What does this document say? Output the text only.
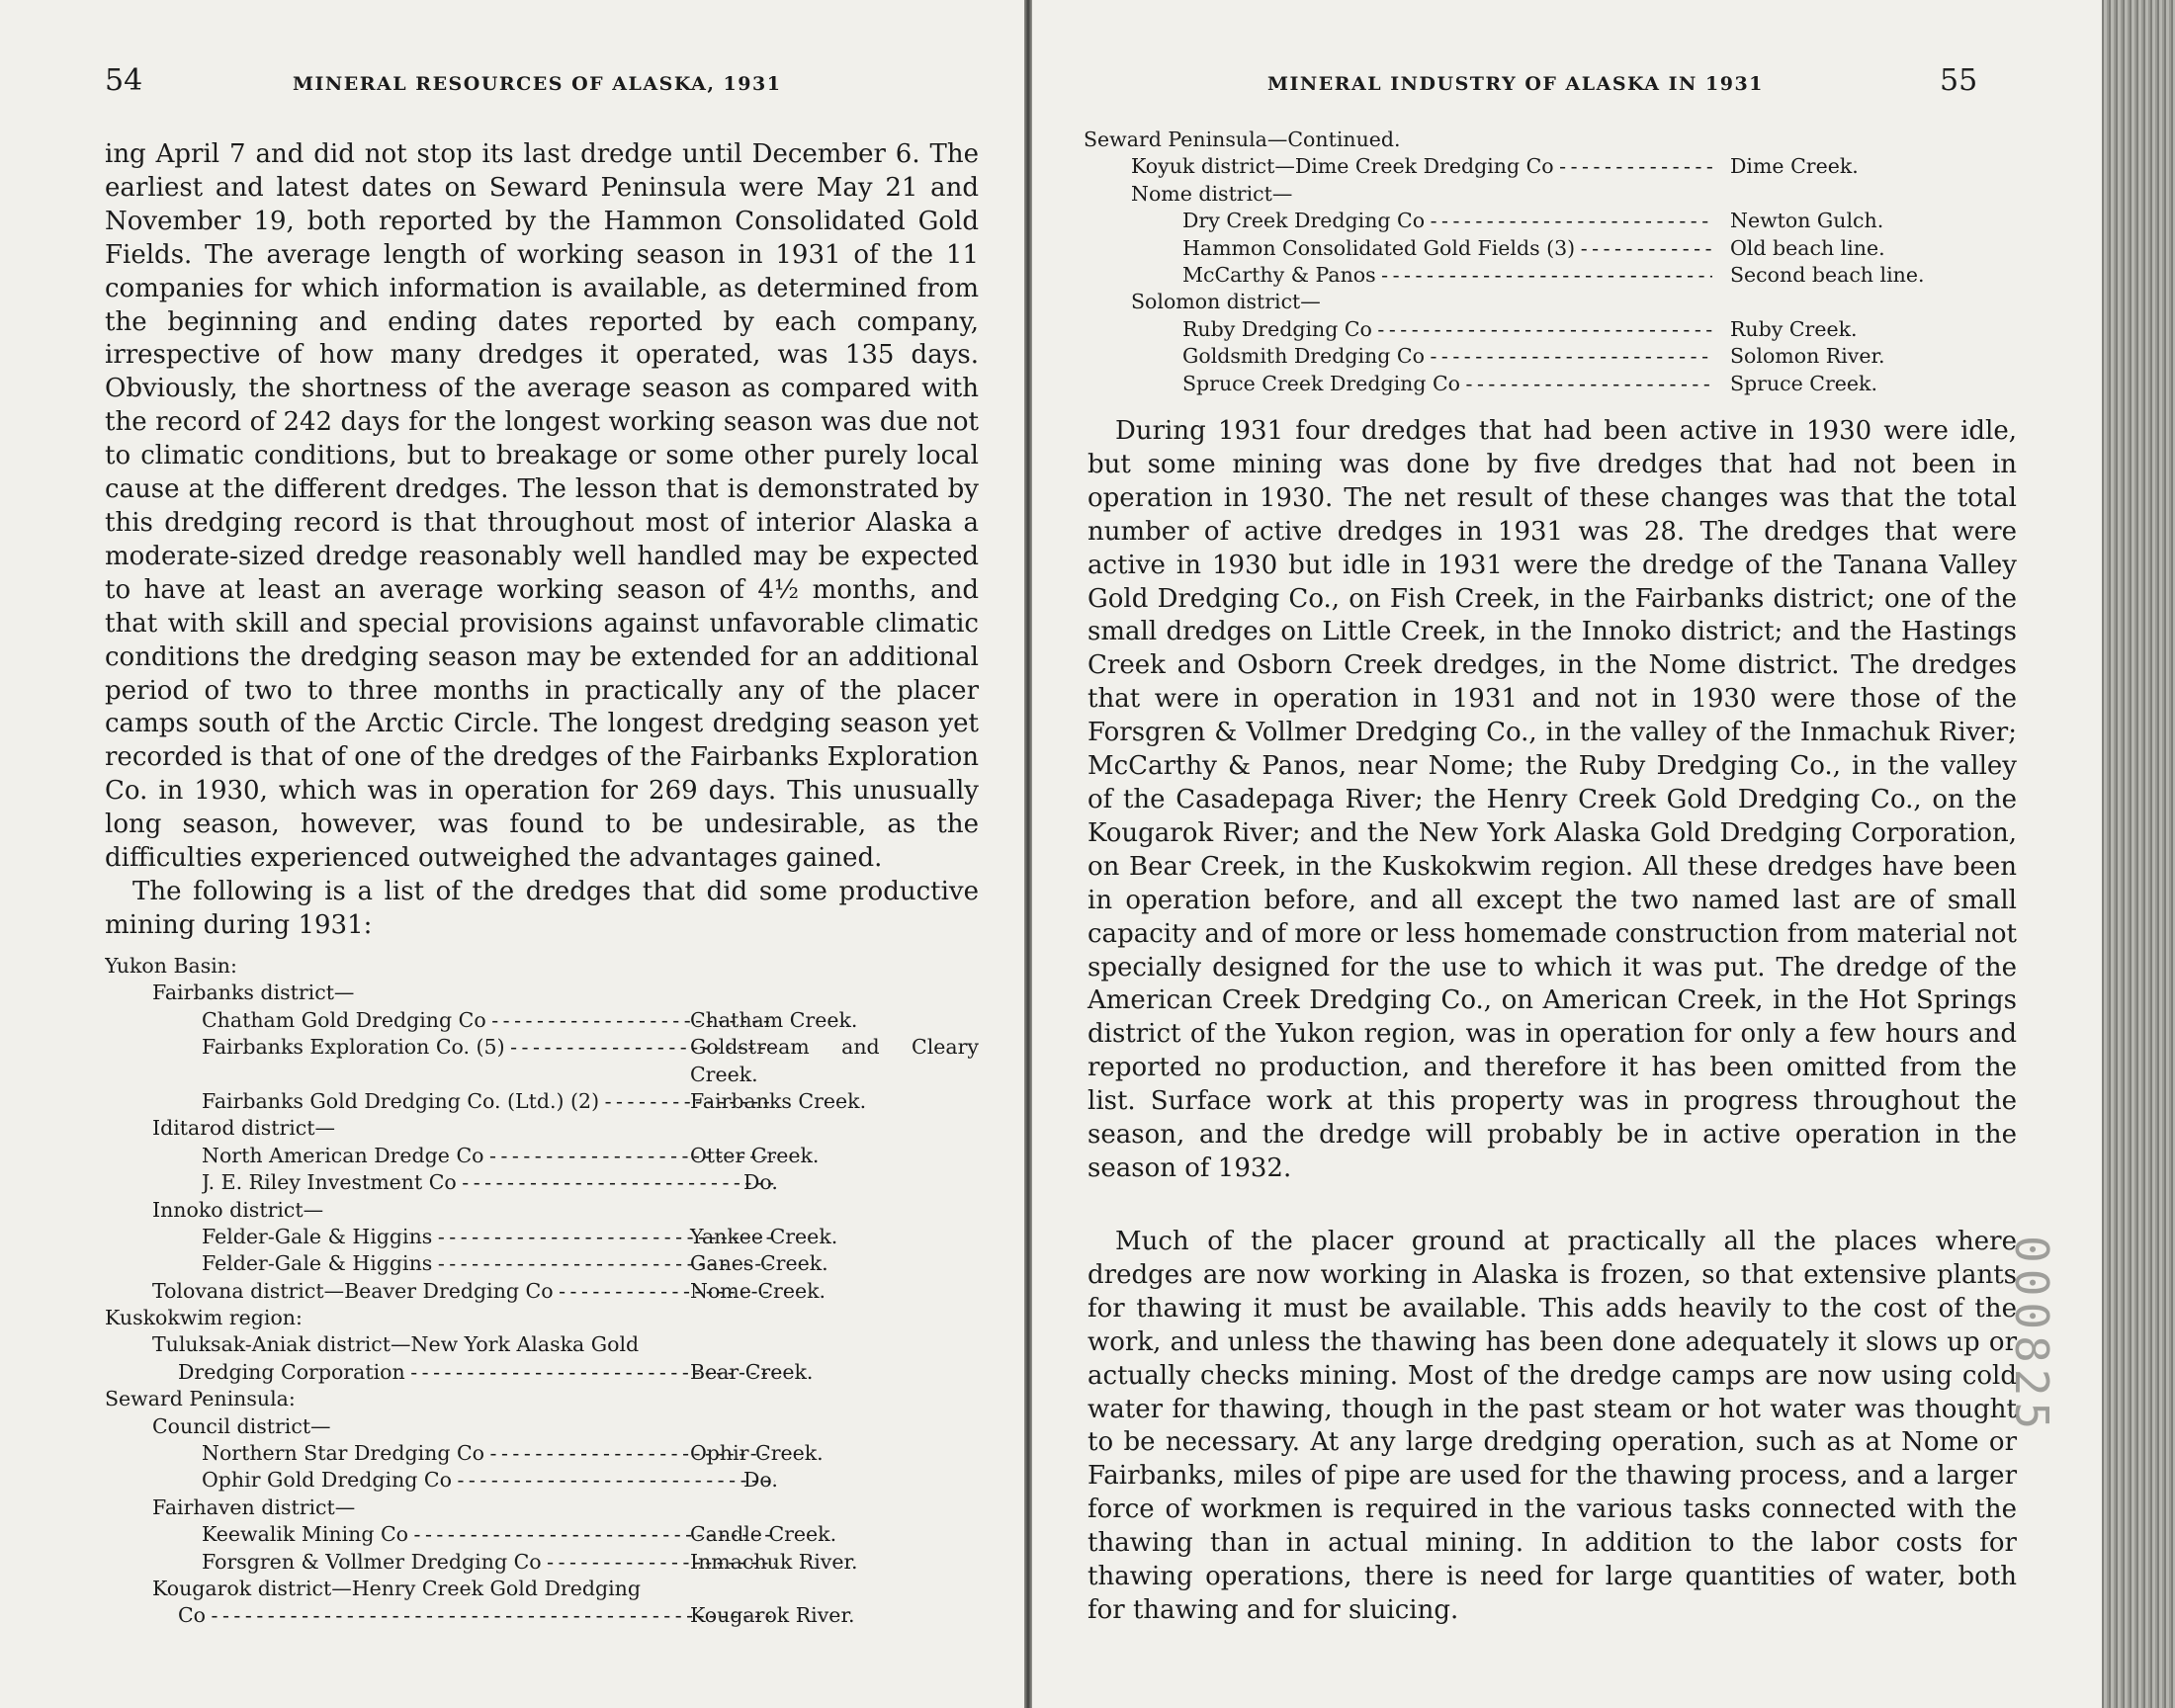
54	MINERAL RESOURCES OF ALASKA, 1931

ing April 7 and did not stop its last dredge until December 6. The earliest and latest dates on Seward Peninsula were May 21 and November 19, both reported by the Hammon Consolidated Gold Fields. The average length of working season in 1931 of the 11 companies for which information is available, as determined from the beginning and ending dates reported by each company, irrespective of how many dredges it operated, was 135 days. Obviously, the shortness of the average season as compared with the record of 242 days for the longest working season was due not to climatic conditions, but to breakage or some other purely local cause at the different dredges. The lesson that is demonstrated by this dredging record is that throughout most of interior Alaska a moderate-sized dredge reasonably well handled may be expected to have at least an average working season of 4½ months, and that with skill and special provisions against unfavorable climatic conditions the dredging season may be extended for an additional period of two to three months in practically any of the placer camps south of the Arctic Circle. The longest dredging season yet recorded is that of one of the dredges of the Fairbanks Exploration Co. in 1930, which was in operation for 269 days. This unusually long season, however, was found to be undesirable, as the difficulties experienced outweighed the advantages gained.

The following is a list of the dredges that did some productive mining during 1931:

Yukon Basin:
Fairbanks district—
Chatham Gold Dredging Co - - -	Chatham Creek.
Fairbanks Exploration Co. (5) - - -	Goldstream and Cleary Creek.
Fairbanks Gold Dredging Co. (Ltd.) (2) - - -	Fairbanks Creek.
Iditarod district—
North American Dredge Co - - -	Otter Creek.
J. E. Riley Investment Co - - -	Do.
Innoko district—
Felder-Gale & Higgins - - -	Yankee Creek.
Felder-Gale & Higgins - - -	Ganes Creek.
Tolovana district—Beaver Dredging Co - - -	Nome Creek.
Kuskokwim region:
Tuluksak-Aniak district—New York Alaska Gold
Dredging Corporation - - -	Bear Creek.
Seward Peninsula:
Council district—
Northern Star Dredging Co - - -	Ophir Creek.
Ophir Gold Dredging Co - - -	Do.
Fairhaven district—
Keewalik Mining Co - - -	Candle Creek.
Forsgren & Vollmer Dredging Co - - -	Inmachuk River.
Kougarok district—Henry Creek Gold Dredging
Co - - -	Kougarok River.
MINERAL INDUSTRY OF ALASKA IN 1931	55
Seward Peninsula—Continued.
Koyuk district—Dime Creek Dredging Co - - -	Dime Creek.
Nome district—
Dry Creek Dredging Co - - -	Newton Gulch.
Hammon Consolidated Gold Fields (3) - - -	Old beach line.
McCarthy & Panos - - -	Second beach line.
Solomon district—
Ruby Dredging Co - - -	Ruby Creek.
Goldsmith Dredging Co - - -	Solomon River.
Spruce Creek Dredging Co - - -	Spruce Creek.

During 1931 four dredges that had been active in 1930 were idle, but some mining was done by five dredges that had not been in operation in 1930. The net result of these changes was that the total number of active dredges in 1931 was 28. The dredges that were active in 1930 but idle in 1931 were the dredge of the Tanana Valley Gold Dredging Co., on Fish Creek, in the Fairbanks district; one of the small dredges on Little Creek, in the Innoko district; and the Hastings Creek and Osborn Creek dredges, in the Nome district. The dredges that were in operation in 1931 and not in 1930 were those of the Forsgren & Vollmer Dredging Co., in the valley of the Inmachuk River; McCarthy & Panos, near Nome; the Ruby Dredging Co., in the valley of the Casadepaga River; the Henry Creek Gold Dredging Co., on the Kougarok River; and the New York Alaska Gold Dredging Corporation, on Bear Creek, in the Kuskokwim region. All these dredges have been in operation before, and all except the two named last are of small capacity and of more or less homemade construction from material not specially designed for the use to which it was put. The dredge of the American Creek Dredging Co., on American Creek, in the Hot Springs district of the Yukon region, was in operation for only a few hours and reported no production, and therefore it has been omitted from the list. Surface work at this property was in progress throughout the season, and the dredge will probably be in active operation in the season of 1932.

Much of the placer ground at practically all the places where dredges are now working in Alaska is frozen, so that extensive plants for thawing it must be available. This adds heavily to the cost of the work, and unless the thawing has been done adequately it slows up or actually checks mining. Most of the dredge camps are now using cold water for thawing, though in the past steam or hot water was thought to be necessary. At any large dredging operation, such as at Nome or Fairbanks, miles of pipe are used for the thawing process, and a larger force of workmen is required in the various tasks connected with the thawing than in actual mining. In addition to the labor costs for thawing operations, there is need for large quantities of water, both for thawing and for sluicing.

000825
